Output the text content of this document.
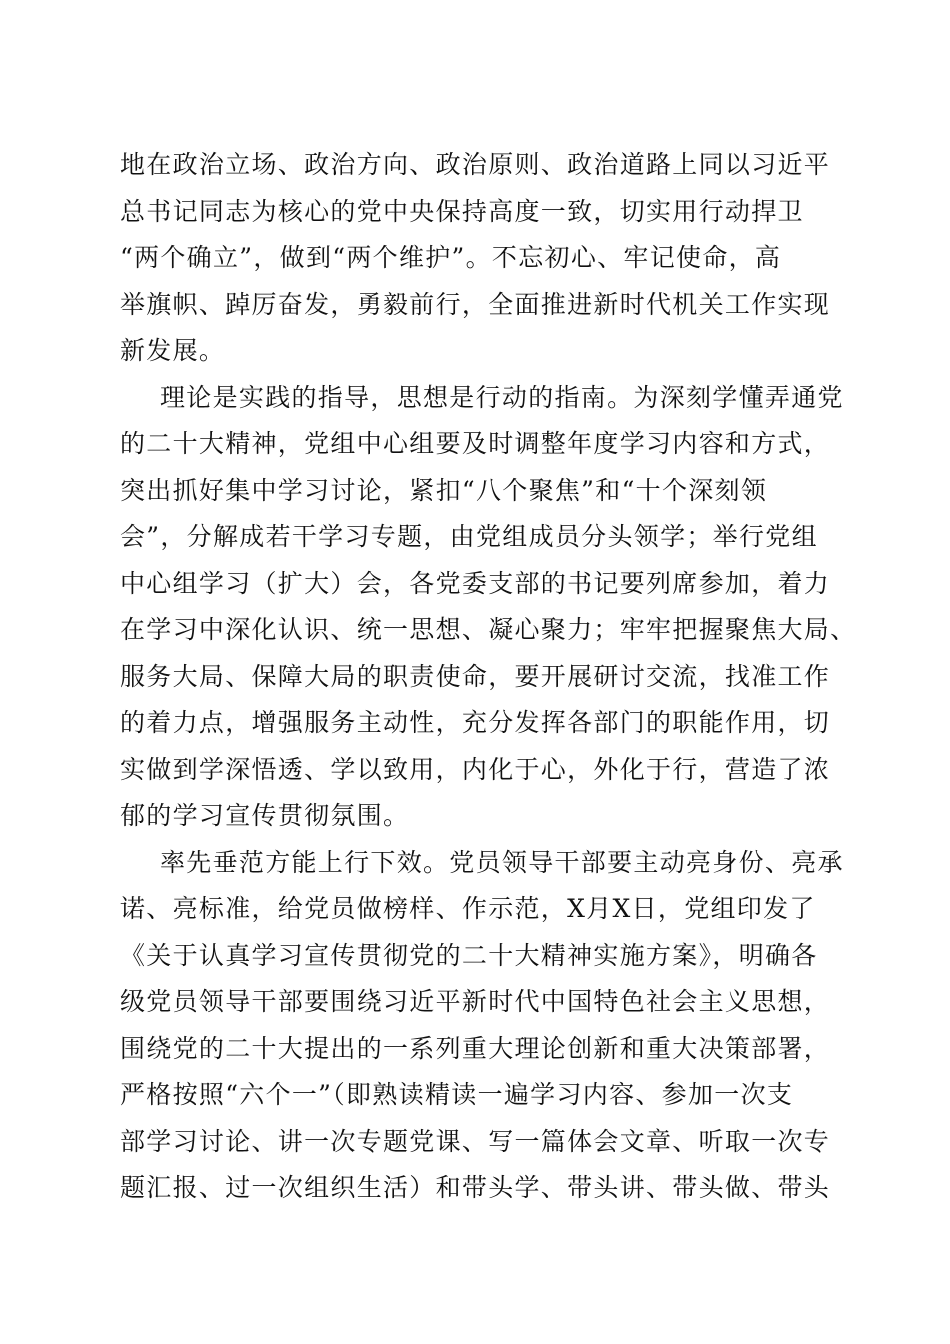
地在政治立场、政治方向、政治原则、政治道路上同以习近平
总书记同志为核心的党中央保持高度一致，切实用行动捍卫
“两个确立”，做到“两个维护”。不忘初心、牢记使命，高
举旗帜、踔厉奋发，勇毅前行，全面推进新时代机关工作实现
新发展。
理论是实践的指导，思想是行动的指南。为深刻学懂弄通党
的二十大精神，党组中心组要及时调整年度学习内容和方式，
突出抓好集中学习讨论，紧扣“八个聚焦”和“十个深刻领
会”，分解成若干学习专题，由党组成员分头领学；举行党组
中心组学习（扩大）会，各党委支部的书记要列席参加，着力
在学习中深化认识、统一思想、凝心聚力；牢牢把握聚焦大局、
服务大局、保障大局的职责使命，要开展研讨交流，找准工作
的着力点，增强服务主动性，充分发挥各部门的职能作用，切
实做到学深悟透、学以致用，内化于心，外化于行，营造了浓
郁的学习宣传贯彻氛围。
率先垂范方能上行下效。党员领导干部要主动亮身份、亮承
诺、亮标准，给党员做榜样、作示范，X月X日，党组印发了
《关于认真学习宣传贯彻党的二十大精神实施方案》，明确各
级党员领导干部要围绕习近平新时代中国特色社会主义思想，
围绕党的二十大提出的一系列重大理论创新和重大决策部署，
严格按照“六个一”（即熟读精读一遍学习内容、参加一次支
部学习讨论、讲一次专题党课、写一篇体会文章、听取一次专
题汇报、过一次组织生活）和带头学、带头讲、带头做、带头
